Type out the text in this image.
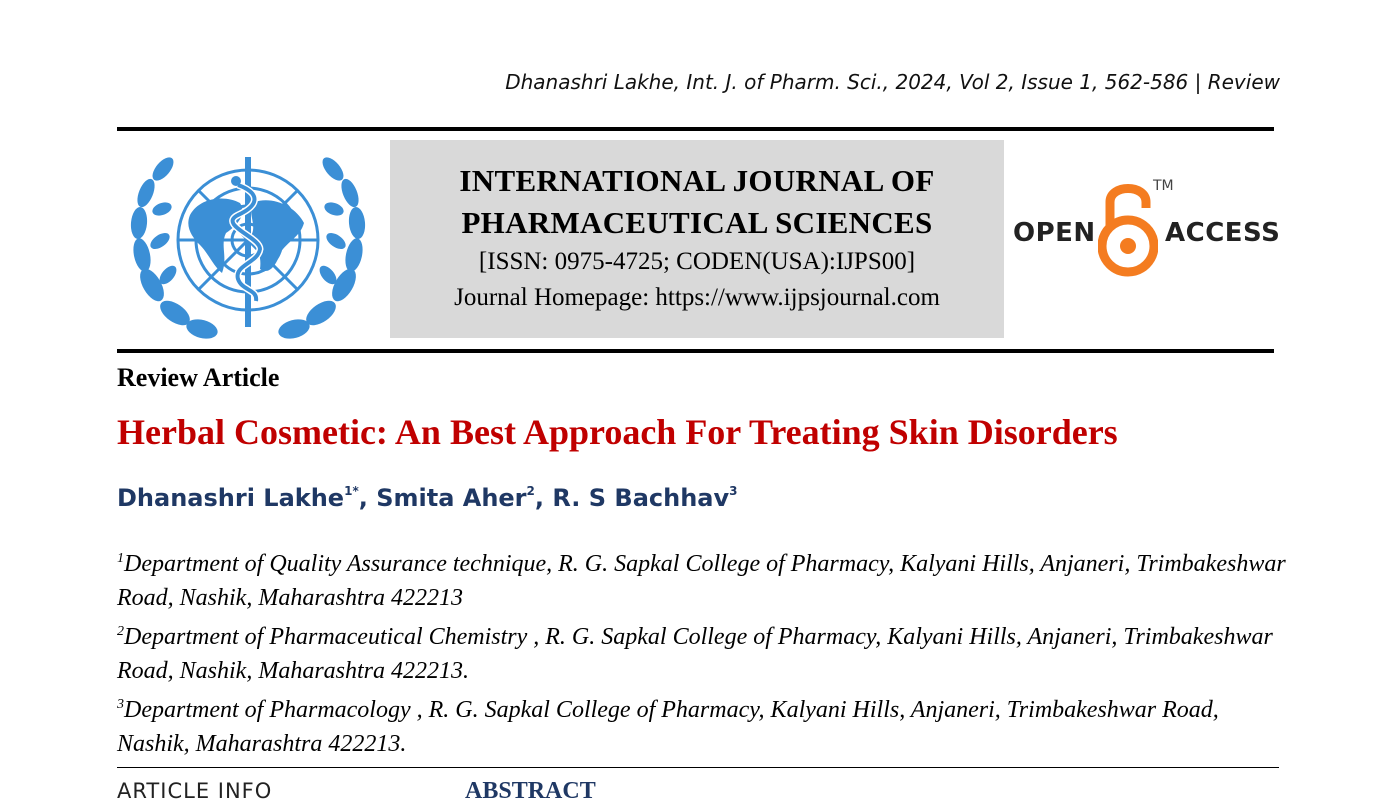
Dhanashri Lakhe, Int. J. of Pharm. Sci., 2024, Vol 2, Issue 1, 562-586 | Review
INTERNATIONAL JOURNAL OF
PHARMACEUTICAL SCIENCES
[ISSN: 0975-4725; CODEN(USA):IJPS00]
Journal Homepage: https://www.ijpsjournal.com
OPEN
TM
ACCESS
Review Article
Herbal Cosmetic: An Best Approach For Treating Skin Disorders
Dhanashri Lakhe$^{1*}$, Smita Aher$^2$, R. S Bachhav$^3$

$^1$Department of Quality Assurance technique, R. G. Sapkal College of Pharmacy, Kalyani Hills, Anjaneri, Trimbakeshwar Road, Nashik, Maharashtra 422213

$^2$Department of Pharmaceutical Chemistry , R. G. Sapkal College of Pharmacy, Kalyani Hills, Anjaneri, Trimbakeshwar Road, Nashik, Maharashtra 422213.

$^3$Department of Pharmacology , R. G. Sapkal College of Pharmacy, Kalyani Hills, Anjaneri, Trimbakeshwar Road, Nashik, Maharashtra 422213.

ARTICLE INFO	ABSTRACT
